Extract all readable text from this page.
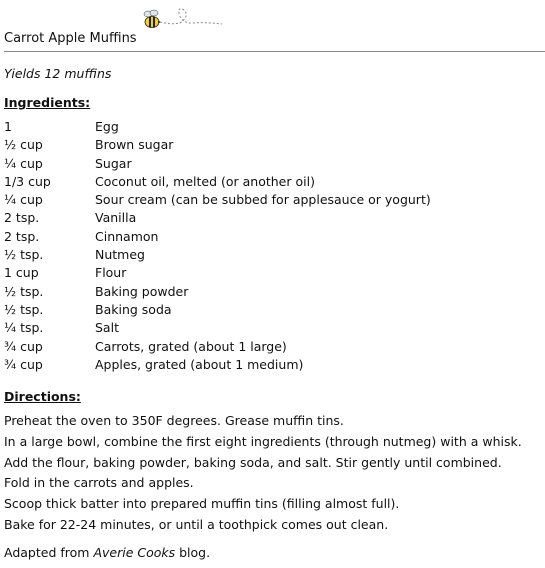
Carrot Apple Muffins
Yields 12 muffins
Ingredients:
1	Egg
½ cup	Brown sugar
¼ cup	Sugar
1/3 cup	Coconut oil, melted (or another oil)
¼ cup	Sour cream (can be subbed for applesauce or yogurt)
2 tsp.	Vanilla
2 tsp.	Cinnamon
½ tsp.	Nutmeg
1 cup	Flour
½ tsp.	Baking powder
½ tsp.	Baking soda
¼ tsp.	Salt
¾ cup	Carrots, grated (about 1 large)
¾ cup	Apples, grated (about 1 medium)
Directions:
Preheat the oven to 350F degrees. Grease muffin tins.
In a large bowl, combine the first eight ingredients (through nutmeg) with a whisk.
Add the flour, baking powder, baking soda, and salt. Stir gently until combined.
Fold in the carrots and apples.
Scoop thick batter into prepared muffin tins (filling almost full).
Bake for 22-24 minutes, or until a toothpick comes out clean.
Adapted from Averie Cooks blog.
